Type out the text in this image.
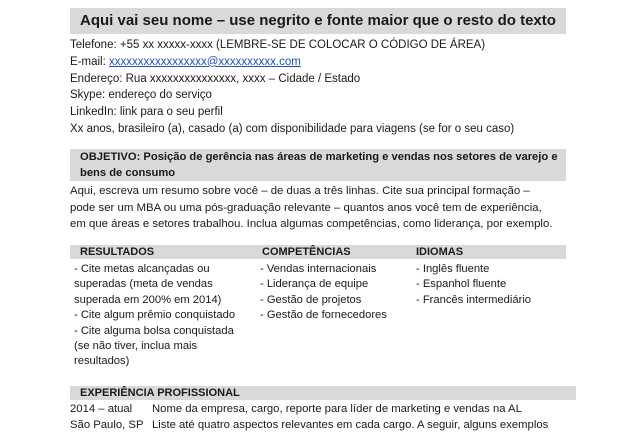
Aqui vai seu nome – use negrito e fonte maior que o resto do texto
Telefone: +55 xx xxxxx-xxxx (LEMBRE-SE DE COLOCAR O CÓDIGO DE ÁREA)
E-mail: xxxxxxxxxxxxxxxxx@xxxxxxxxxx.com
Endereço: Rua xxxxxxxxxxxxxxx, xxxx – Cidade / Estado
Skype: endereço do serviço
LinkedIn: link para o seu perfil
Xx anos, brasileiro (a), casado (a) com disponibilidade para viagens (se for o seu caso)
OBJETIVO: Posição de gerência nas áreas de marketing e vendas nos setores de varejo e
bens de consumo
Aqui, escreva um resumo sobre você – de duas a três linhas. Cite sua principal formação –
pode ser um MBA ou uma pós-graduação relevante – quantos anos você tem de experiência,
em que áreas e setores trabalhou. Inclua algumas competências, como liderança, por exemplo.
RESULTADOS	COMPETÊNCIAS	IDIOMAS
- Cite metas alcançadas ou
superadas (meta de vendas
superada em 200% em 2014)
- Cite algum prêmio conquistado
- Cite alguma bolsa conquistada
(se não tiver, inclua mais
resultados)
- Vendas internacionais
- Liderança de equipe
- Gestão de projetos
- Gestão de fornecedores
- Inglês fluente
- Espanhol fluente
- Francês intermediário
EXPERIÊNCIA PROFISSIONAL
2014 – atual Nome da empresa, cargo, reporte para líder de marketing e vendas na AL
São Paulo, SP Liste até quatro aspectos relevantes em cada cargo. A seguir, alguns exemplos
